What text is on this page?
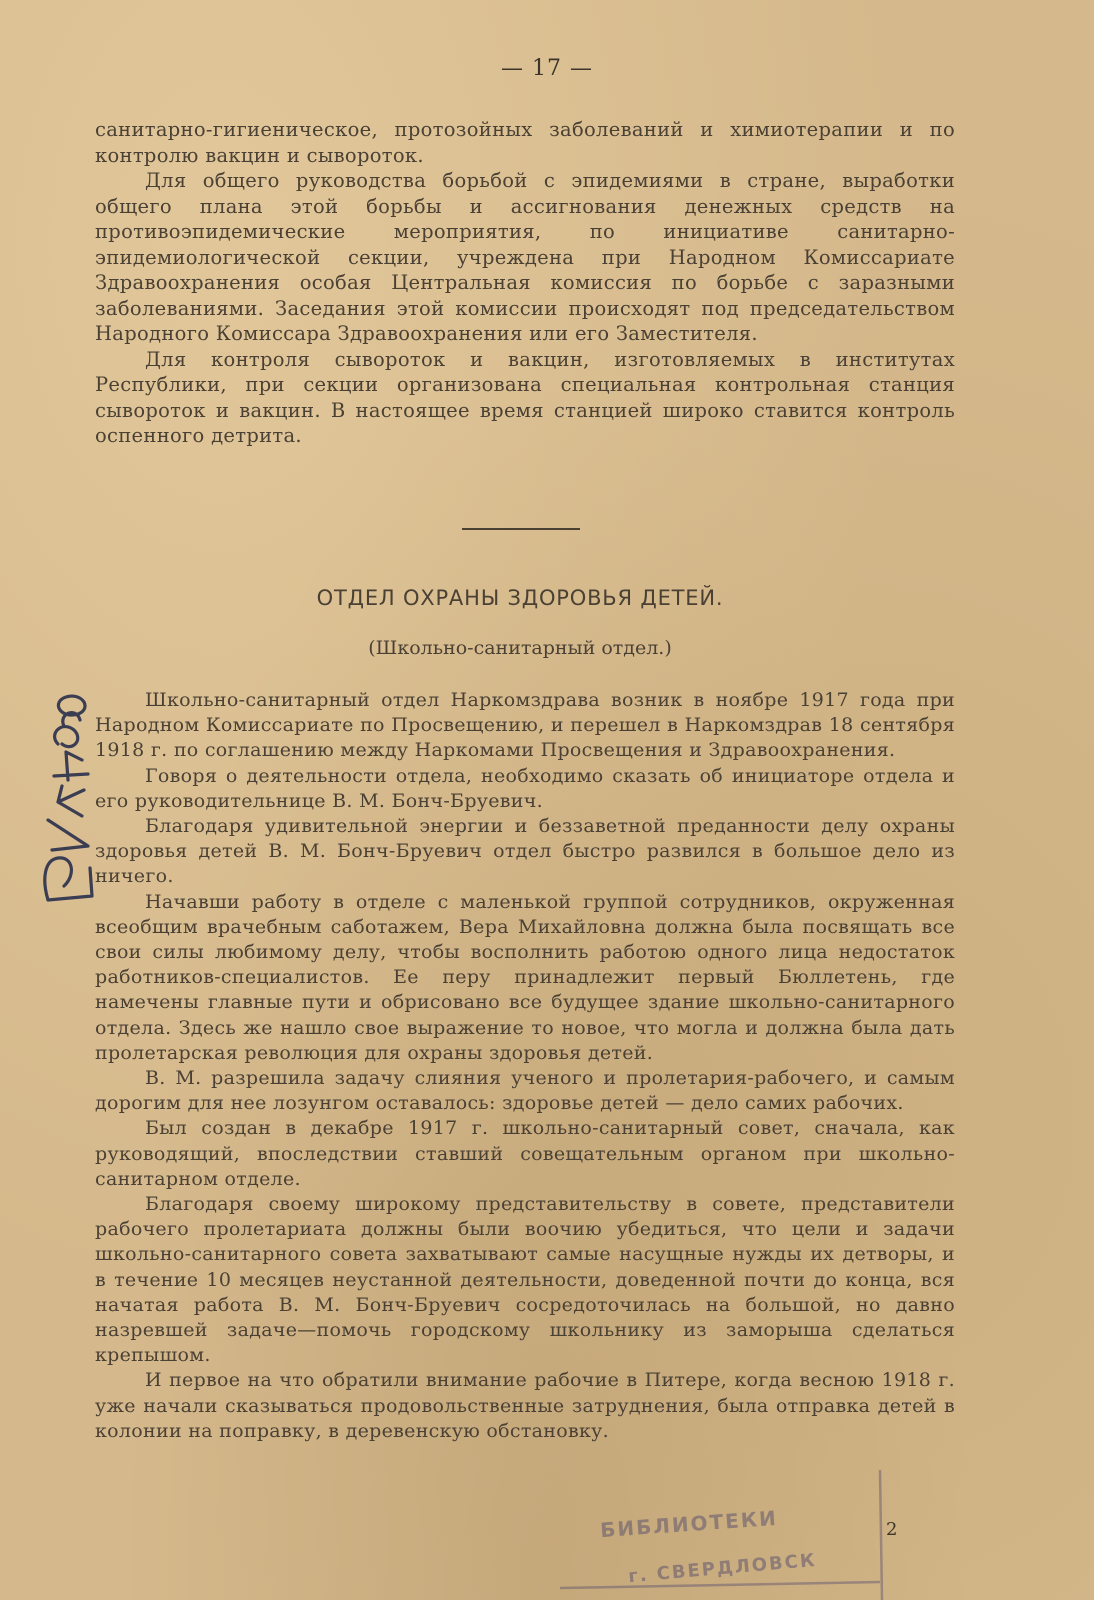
— 17 —

санитарно-гигиеническое, протозойных заболеваний и химиотерапии и по контролю вакцин и сывороток.

Для общего руководства борьбой с эпидемиями в стране, выработки общего плана этой борьбы и ассигнования денежных средств на противоэпидемические мероприятия, по инициативе санитарно-эпидемиологической секции, учреждена при Народном Комиссариате Здравоохранения особая Центральная комиссия по борьбе с заразными заболеваниями. Заседания этой комиссии происходят под председательством Народного Комиссара Здравоохранения или его Заместителя.

Для контроля сывороток и вакцин, изготовляемых в институтах Республики, при секции организована специальная контрольная станция сывороток и вакцин. В настоящее время станцией широко ставится контроль оспенного детрита.

ОТДЕЛ ОХРАНЫ ЗДОРОВЬЯ ДЕТЕЙ.
(Школьно-санитарный отдел.)

Школьно-санитарный отдел Наркомздрава возник в ноябре 1917 года при Народном Комиссариате по Просвещению, и перешел в Наркомздрав 18 сентября 1918 г. по соглашению между Наркомами Просвещения и Здравоохранения.

Говоря о деятельности отдела, необходимо сказать об инициаторе отдела и его руководительнице В. М. Бонч-Бруевич.

Благодаря удивительной энергии и беззаветной преданности делу охраны здоровья детей В. М. Бонч-Бруевич отдел быстро развился в большое дело из ничего.

Начавши работу в отделе с маленькой группой сотрудников, окруженная всеобщим врачебным саботажем, Вера Михайловна должна была посвящать все свои силы любимому делу, чтобы восполнить работою одного лица недостаток работников-специалистов. Ее перу принадлежит первый Бюллетень, где намечены главные пути и обрисовано все будущее здание школьно-санитарного отдела. Здесь же нашло свое выражение то новое, что могла и должна была дать пролетарская революция для охраны здоровья детей.

В. М. разрешила задачу слияния ученого и пролетария-рабочего, и самым дорогим для нее лозунгом оставалось: здоровье детей — дело самих рабочих.

Был создан в декабре 1917 г. школьно-санитарный совет, сначала, как руководящий, впоследствии ставший совещательным органом при школьно-санитарном отделе.

Благодаря своему широкому представительству в совете, представители рабочего пролетариата должны были воочию убедиться, что цели и задачи школьно-санитарного совета захватывают самые насущные нужды их детворы, и в течение 10 месяцев неустанной деятельности, доведенной почти до конца, вся начатая работа В. М. Бонч-Бруевич сосредоточилась на большой, но давно назревшей задаче—помочь городскому школьнику из заморыша сделаться крепышом.

И первое на что обратили внимание рабочие в Питере, когда весною 1918 г. уже начали сказываться продовольственные затруднения, была отправка детей в колонии на поправку, в деревенскую обстановку.

БИБЛИОТЕКИ
г. СВЕРДЛОВСК
2
